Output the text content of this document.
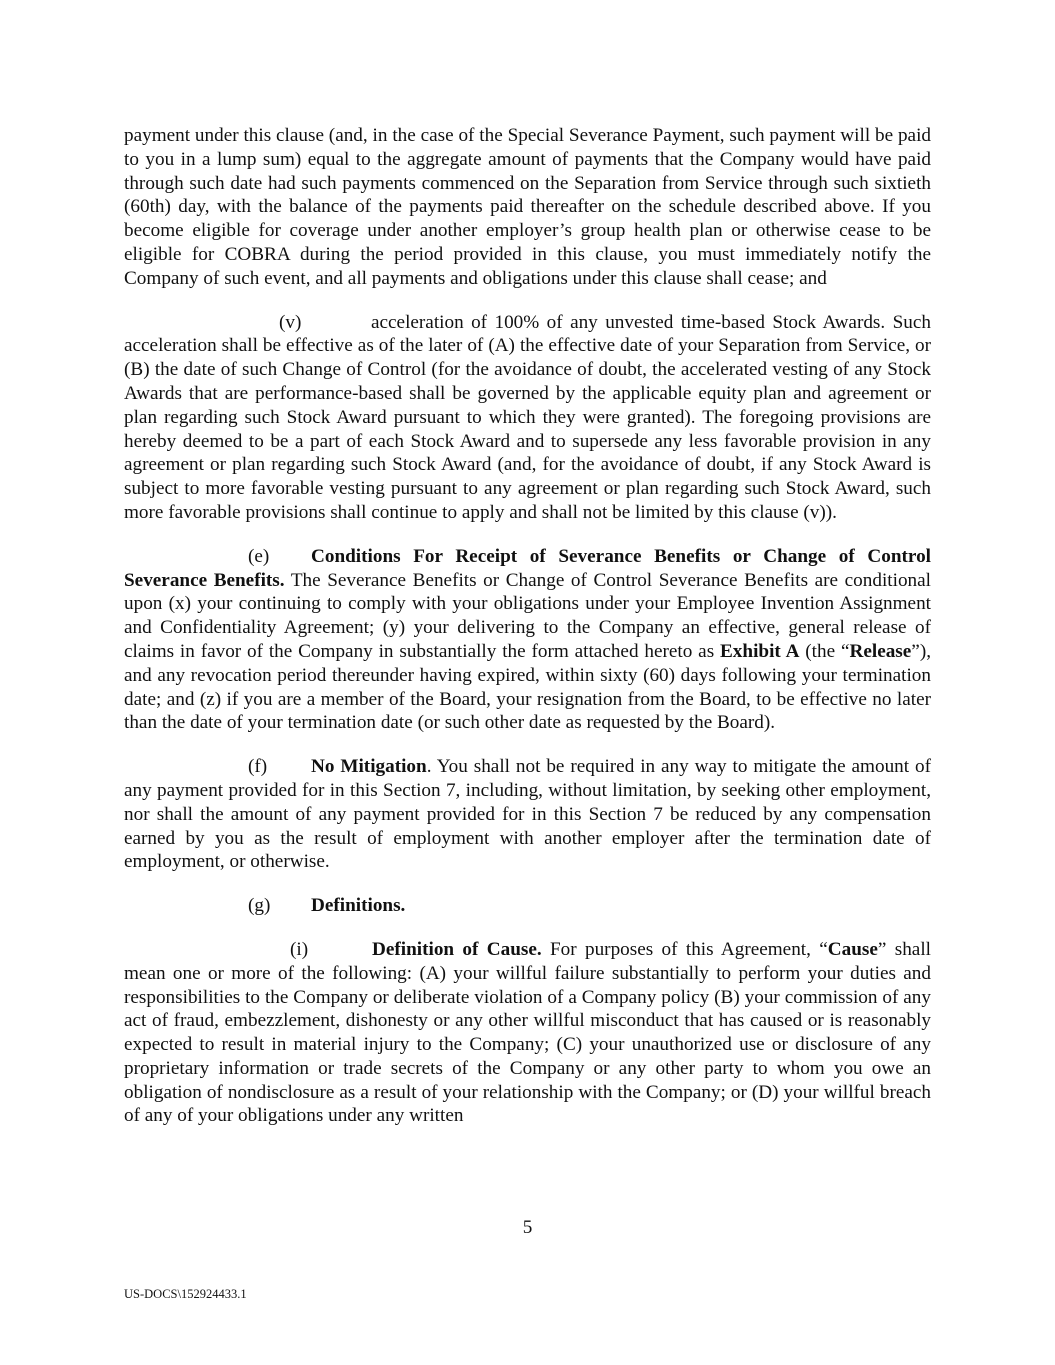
payment under this clause (and, in the case of the Special Severance Payment, such payment will be paid to you in a lump sum) equal to the aggregate amount of payments that the Company would have paid through such date had such payments commenced on the Separation from Service through such sixtieth (60th) day, with the balance of the payments paid thereafter on the schedule described above. If you become eligible for coverage under another employer’s group health plan or otherwise cease to be eligible for COBRA during the period provided in this clause, you must immediately notify the Company of such event, and all payments and obligations under this clause shall cease; and

(v)	acceleration of 100% of any unvested time-based Stock Awards. Such acceleration shall be effective as of the later of (A) the effective date of your Separation from Service, or (B) the date of such Change of Control (for the avoidance of doubt, the accelerated vesting of any Stock Awards that are performance-based shall be governed by the applicable equity plan and agreement or plan regarding such Stock Award pursuant to which they were granted). The foregoing provisions are hereby deemed to be a part of each Stock Award and to supersede any less favorable provision in any agreement or plan regarding such Stock Award (and, for the avoidance of doubt, if any Stock Award is subject to more favorable vesting pursuant to any agreement or plan regarding such Stock Award, such more favorable provisions shall continue to apply and shall not be limited by this clause (v)).

(e) Conditions For Receipt of Severance Benefits or Change of Control Severance Benefits. The Severance Benefits or Change of Control Severance Benefits are conditional upon (x) your continuing to comply with your obligations under your Employee Invention Assignment and Confidentiality Agreement; (y) your delivering to the Company an effective, general release of claims in favor of the Company in substantially the form attached hereto as Exhibit A (the “Release”), and any revocation period thereunder having expired, within sixty (60) days following your termination date; and (z) if you are a member of the Board, your resignation from the Board, to be effective no later than the date of your termination date (or such other date as requested by the Board).

(f) No Mitigation. You shall not be required in any way to mitigate the amount of any payment provided for in this Section 7, including, without limitation, by seeking other employment, nor shall the amount of any payment provided for in this Section 7 be reduced by any compensation earned by you as the result of employment with another employer after the termination date of employment, or otherwise.

(g) Definitions.

(i)	Definition of Cause. For purposes of this Agreement, “Cause” shall mean one or more of the following: (A) your willful failure substantially to perform your duties and responsibilities to the Company or deliberate violation of a Company policy (B) your commission of any act of fraud, embezzlement, dishonesty or any other willful misconduct that has caused or is reasonably expected to result in material injury to the Company; (C) your unauthorized use or disclosure of any proprietary information or trade secrets of the Company or any other party to whom you owe an obligation of nondisclosure as a result of your relationship with the Company; or (D) your willful breach of any of your obligations under any written

5
US-DOCS\152924433.1
